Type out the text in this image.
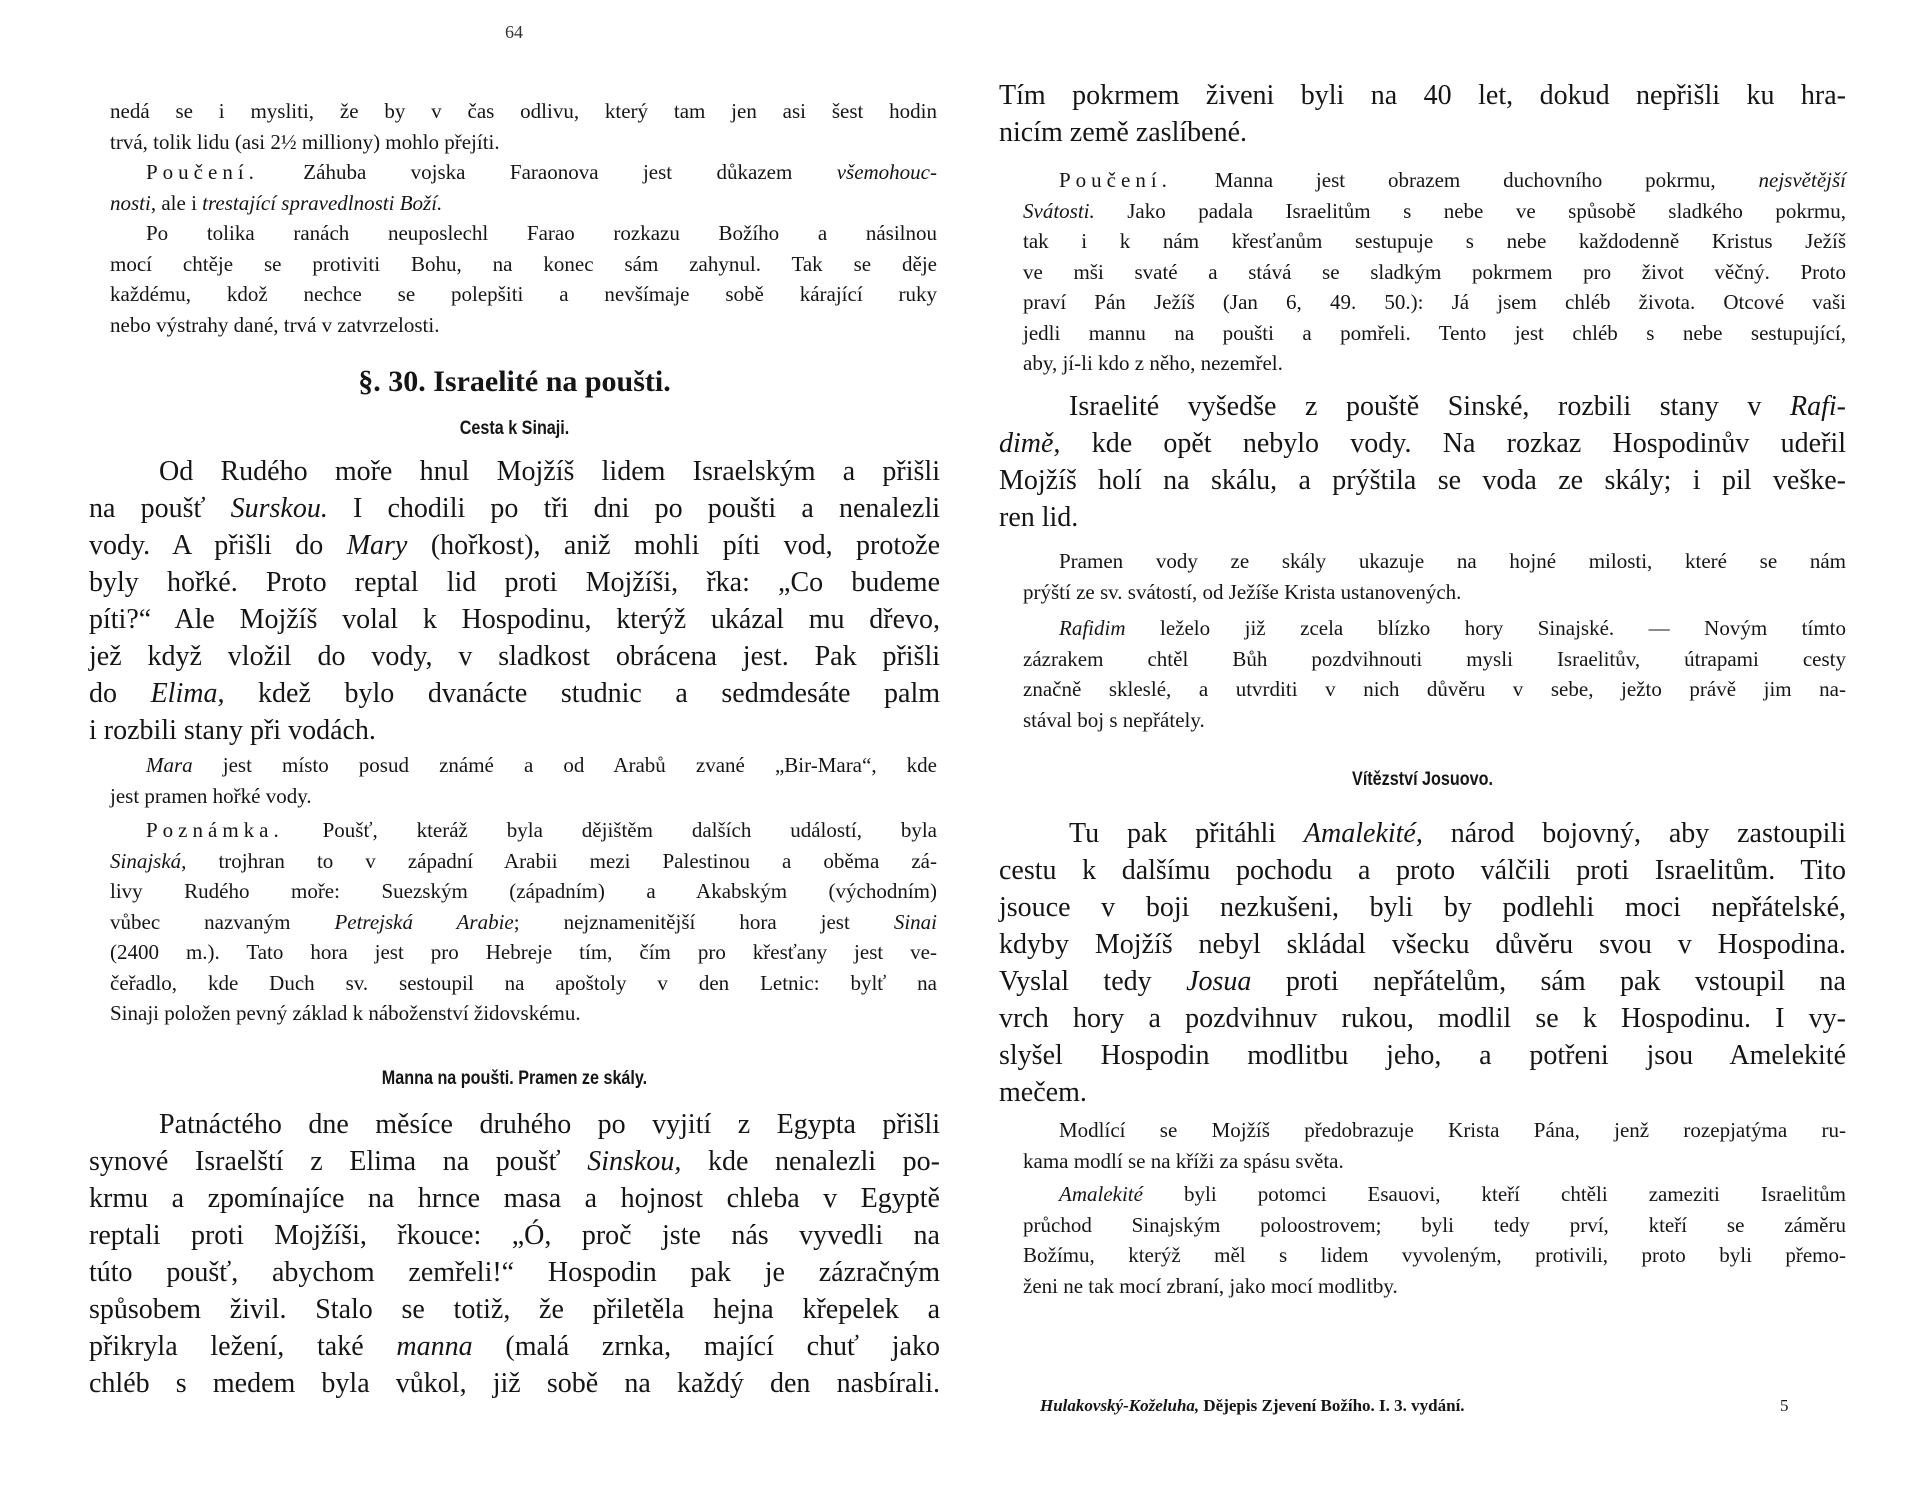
64
nedá se i mysliti, že by v čas odlivu, který tam jen asi šest hodin
trvá, tolik lidu (asi 2½ milliony) mohlo přejíti.
Poučení. Záhuba vojska Faraonova jest důkazem všemohouc-
nosti, ale i trestající spravedlnosti Boží.
Po tolika ranách neuposlechl Farao rozkazu Božího a násilnou
mocí chtěje se protiviti Bohu, na konec sám zahynul. Tak se děje
každému, kdož nechce se polepšiti a nevšímaje sobě kárající ruky
nebo výstrahy dané, trvá v zatvrzelosti.
§. 30. Israelité na poušti.
Cesta k Sinaji.
Od Rudého moře hnul Mojžíš lidem Israelským a přišli
na poušť Surskou. I chodili po tři dni po poušti a nenalezli
vody. A přišli do Mary (hořkost), aniž mohli píti vod, protože
byly hořké. Proto reptal lid proti Mojžíši, řka: „Co budeme
píti?“ Ale Mojžíš volal k Hospodinu, kterýž ukázal mu dřevo,
jež když vložil do vody, v sladkost obrácena jest. Pak přišli
do Elima, kdež bylo dvanácte studnic a sedmdesáte palm
i rozbili stany při vodách.
Mara jest místo posud známé a od Arabů zvané „Bir-Mara“, kde
jest pramen hořké vody.
Poznámka. Poušť, kteráž byla dějištěm dalších událostí, byla
Sinajská, trojhran to v západní Arabii mezi Palestinou a oběma zá-
livy Rudého moře: Suezským (západním) a Akabským (východním)
vůbec nazvaným Petrejská Arabie; nejznamenitější hora jest Sinai
(2400 m.). Tato hora jest pro Hebreje tím, čím pro křesťany jest ve-
čeřadlo, kde Duch sv. sestoupil na apoštoly v den Letnic: bylť na
Sinaji položen pevný základ k náboženství židovskému.
Manna na poušti. Pramen ze skály.
Patnáctého dne měsíce druhého po vyjití z Egypta přišli
synové Israelští z Elima na poušť Sinskou, kde nenalezli po-
krmu a zpomínajíce na hrnce masa a hojnost chleba v Egyptě
reptali proti Mojžíši, řkouce: „Ó, proč jste nás vyvedli na
túto poušť, abychom zemřeli!“ Hospodin pak je zázračným
spůsobem živil. Stalo se totiž, že přiletěla hejna křepelek a
přikryla ležení, také manna (malá zrnka, mající chuť jako
chléb s medem byla vůkol, již sobě na každý den nasbírali.
Tím pokrmem živeni byli na 40 let, dokud nepřišli ku hra-
nicím země zaslíbené.
Poučení. Manna jest obrazem duchovního pokrmu, nejsvětější
Svátosti. Jako padala Israelitům s nebe ve spůsobě sladkého pokrmu,
tak i k nám křesťanům sestupuje s nebe každodenně Kristus Ježíš
ve mši svaté a stává se sladkým pokrmem pro život věčný. Proto
praví Pán Ježíš (Jan 6, 49. 50.): Já jsem chléb života. Otcové vaši
jedli mannu na poušti a pomřeli. Tento jest chléb s nebe sestupující,
aby, jí-li kdo z něho, nezemřel.
Israelité vyšedše z pouště Sinské, rozbili stany v Rafi-
dimě, kde opět nebylo vody. Na rozkaz Hospodinův udeřil
Mojžíš holí na skálu, a prýštila se voda ze skály; i pil veške-
ren lid.
Pramen vody ze skály ukazuje na hojné milosti, které se nám
prýští ze sv. svátostí, od Ježíše Krista ustanovených.
Rafidim leželo již zcela blízko hory Sinajské. — Novým tímto
zázrakem chtěl Bůh pozdvihnouti mysli Israelitův, útrapami cesty
značně skleslé, a utvrditi v nich důvěru v sebe, ježto právě jim na-
stával boj s nepřátely.
Vítězství Josuovo.
Tu pak přitáhli Amalekité, národ bojovný, aby zastoupili
cestu k dalšímu pochodu a proto válčili proti Israelitům. Tito
jsouce v boji nezkušeni, byli by podlehli moci nepřátelské,
kdyby Mojžíš nebyl skládal všecku důvěru svou v Hospodina.
Vyslal tedy Josua proti nepřátelům, sám pak vstoupil na
vrch hory a pozdvihnuv rukou, modlil se k Hospodinu. I vy-
slyšel Hospodin modlitbu jeho, a potřeni jsou Amelekité
mečem.
Modlící se Mojžíš předobrazuje Krista Pána, jenž rozepjatýma ru-
kama modlí se na kříži za spásu světa.
Amalekité byli potomci Esauovi, kteří chtěli zameziti Israelitům
průchod Sinajským poloostrovem; byli tedy prví, kteří se záměru
Božímu, kterýž měl s lidem vyvoleným, protivili, proto byli přemo-
ženi ne tak mocí zbraní, jako mocí modlitby.
Hulakovský-Koželuha, Dějepis Zjevení Božího. I. 3. vydání.	5
